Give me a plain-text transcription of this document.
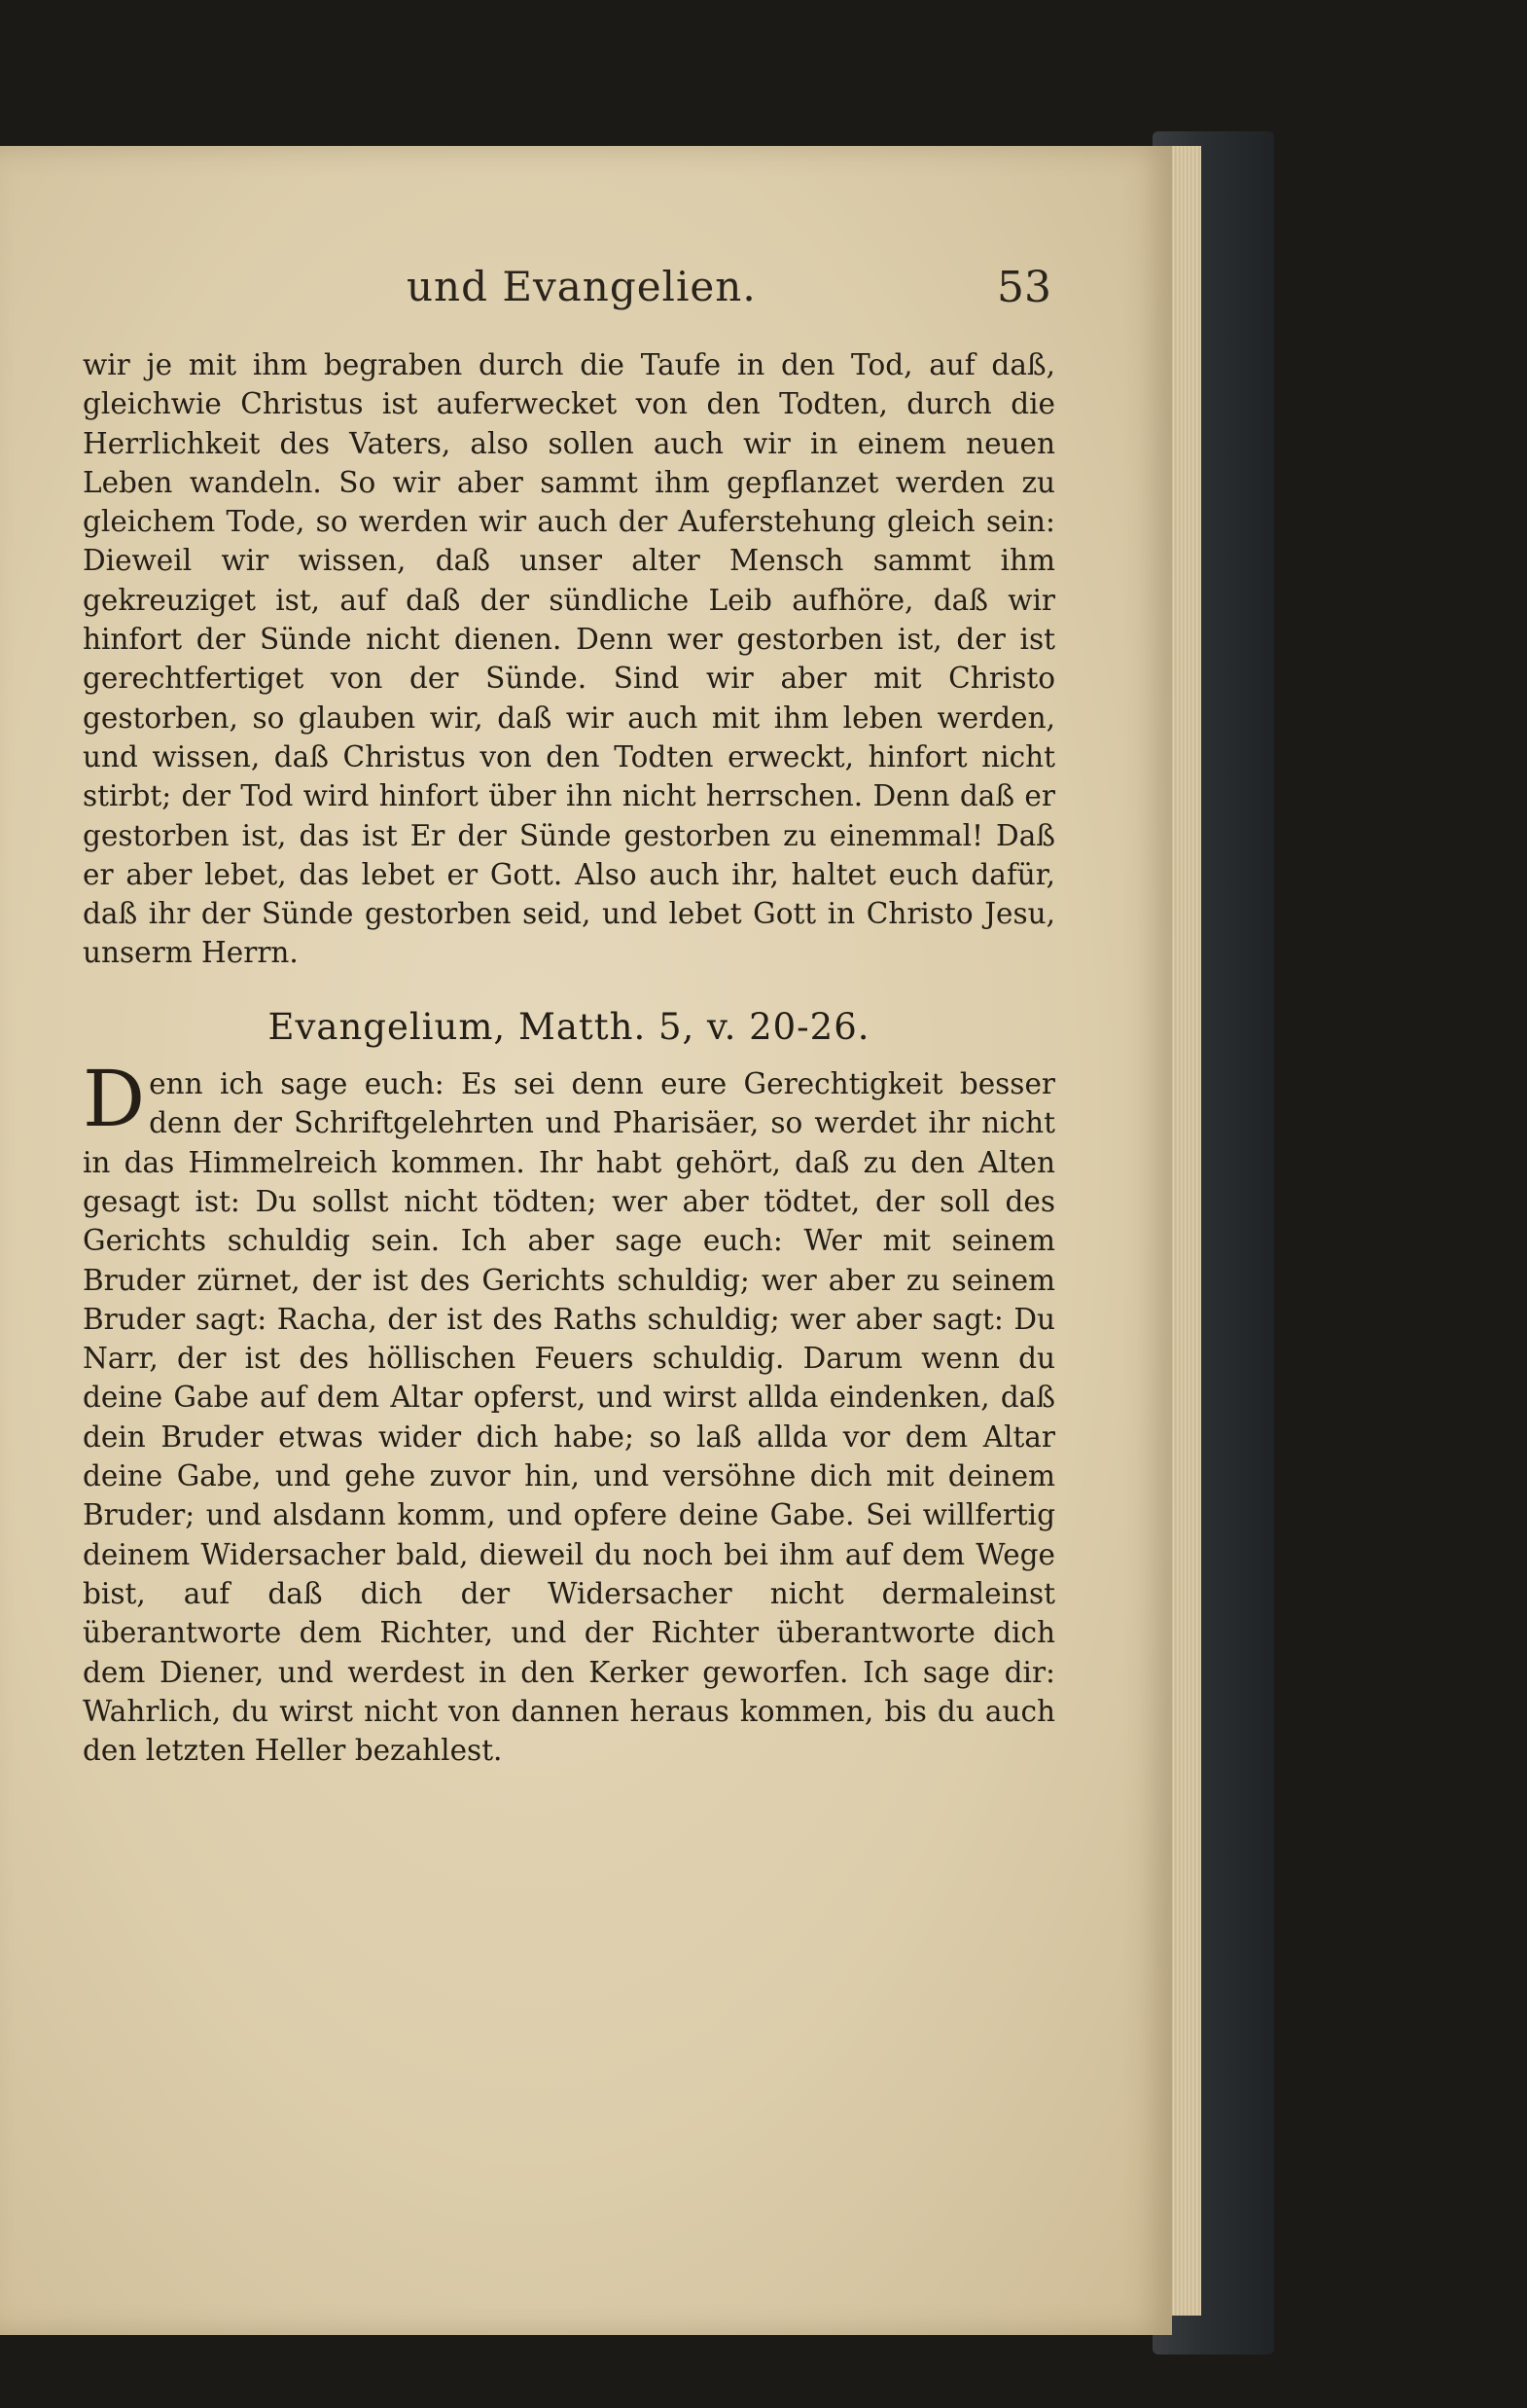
und Evangelien.	53

wir je mit ihm begraben durch die Taufe in den Tod, auf daß, gleichwie Christus ist auferwecket von den Todten, durch die Herrlichkeit des Vaters, also sollen auch wir in einem neuen Leben wandeln. So wir aber sammt ihm gepflanzet werden zu gleichem Tode, so werden wir auch der Auferstehung gleich sein: Dieweil wir wissen, daß unser alter Mensch sammt ihm gekreuziget ist, auf daß der sündliche Leib aufhöre, daß wir hinfort der Sünde nicht dienen. Denn wer gestorben ist, der ist gerechtfertiget von der Sünde. Sind wir aber mit Christo gestorben, so glauben wir, daß wir auch mit ihm leben werden, und wissen, daß Christus von den Todten erweckt, hinfort nicht stirbt; der Tod wird hinfort über ihn nicht herrschen. Denn daß er gestorben ist, das ist Er der Sünde gestorben zu einemmal! Daß er aber lebet, das lebet er Gott. Also auch ihr, haltet euch dafür, daß ihr der Sünde gestorben seid, und lebet Gott in Christo Jesu, unserm Herrn.

Evangelium, Matth. 5, v. 20-26.

Denn ich sage euch: Es sei denn eure Gerechtigkeit besser denn der Schriftgelehrten und Pharisäer, so werdet ihr nicht in das Himmelreich kommen. Ihr habt gehört, daß zu den Alten gesagt ist: Du sollst nicht tödten; wer aber tödtet, der soll des Gerichts schuldig sein. Ich aber sage euch: Wer mit seinem Bruder zürnet, der ist des Gerichts schuldig; wer aber zu seinem Bruder sagt: Racha, der ist des Raths schuldig; wer aber sagt: Du Narr, der ist des höllischen Feuers schuldig. Darum wenn du deine Gabe auf dem Altar opferst, und wirst allda eindenken, daß dein Bruder etwas wider dich habe; so laß allda vor dem Altar deine Gabe, und gehe zuvor hin, und versöhne dich mit deinem Bruder; und alsdann komm, und opfere deine Gabe. Sei willfertig deinem Widersacher bald, dieweil du noch bei ihm auf dem Wege bist, auf daß dich der Widersacher nicht dermaleinst überantworte dem Richter, und der Richter überantworte dich dem Diener, und werdest in den Kerker geworfen. Ich sage dir: Wahrlich, du wirst nicht von dannen heraus kommen, bis du auch den letzten Heller bezahlest.
